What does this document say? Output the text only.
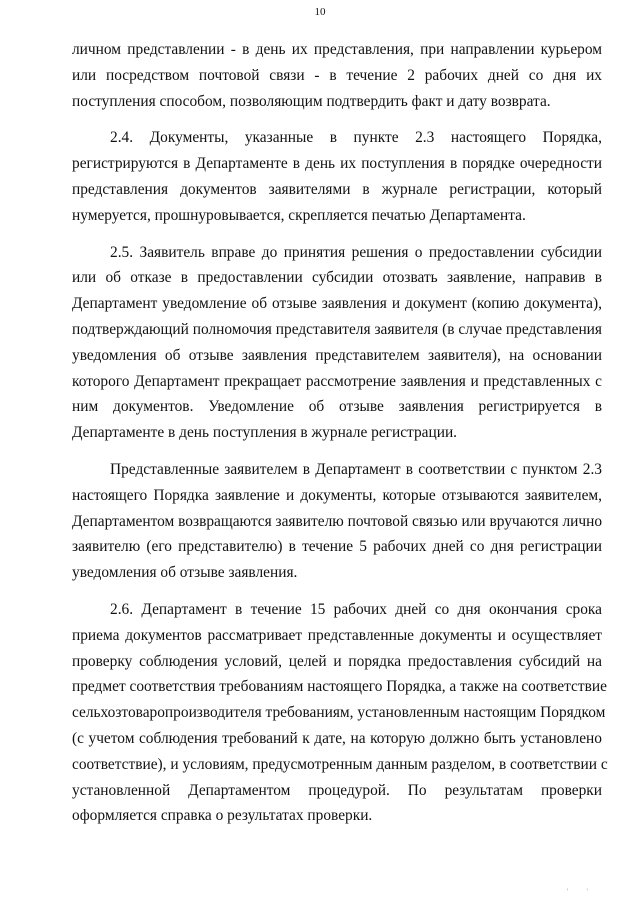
10

личном представлении - в день их представления, при направлении курьером

или посредством почтовой связи - в течение 2 рабочих дней со дня их

поступления способом, позволяющим подтвердить факт и дату возврата.

2.4. Документы, указанные в пункте 2.3 настоящего Порядка,

регистрируются в Департаменте в день их поступления в порядке очередности

представления документов заявителями в журнале регистрации, который

нумеруется, прошнуровывается, скрепляется печатью Департамента.

2.5. Заявитель вправе до принятия решения о предоставлении субсидии

или об отказе в предоставлении субсидии отозвать заявление, направив в

Департамент уведомление об отзыве заявления и документ (копию документа),

подтверждающий полномочия представителя заявителя (в случае представления

уведомления об отзыве заявления представителем заявителя), на основании

которого Департамент прекращает рассмотрение заявления и представленных с

ним документов. Уведомление об отзыве заявления регистрируется в

Департаменте в день поступления в журнале регистрации.

Представленные заявителем в Департамент в соответствии с пунктом 2.3

настоящего Порядка заявление и документы, которые отзываются заявителем,

Департаментом возвращаются заявителю почтовой связью или вручаются лично

заявителю (его представителю) в течение 5 рабочих дней со дня регистрации

уведомления об отзыве заявления.

2.6. Департамент в течение 15 рабочих дней со дня окончания срока

приема документов рассматривает представленные документы и осуществляет

проверку соблюдения условий, целей и порядка предоставления субсидий на

предмет соответствия требованиям настоящего Порядка, а также на соответствие

сельхозтоваропроизводителя требованиям, установленным настоящим Порядком

(с учетом соблюдения требований к дате, на которую должно быть установлено

соответствие), и условиям, предусмотренным данным разделом, в соответствии с

установленной Департаментом процедурой. По результатам проверки

оформляется справка о результатах проверки.

' '
